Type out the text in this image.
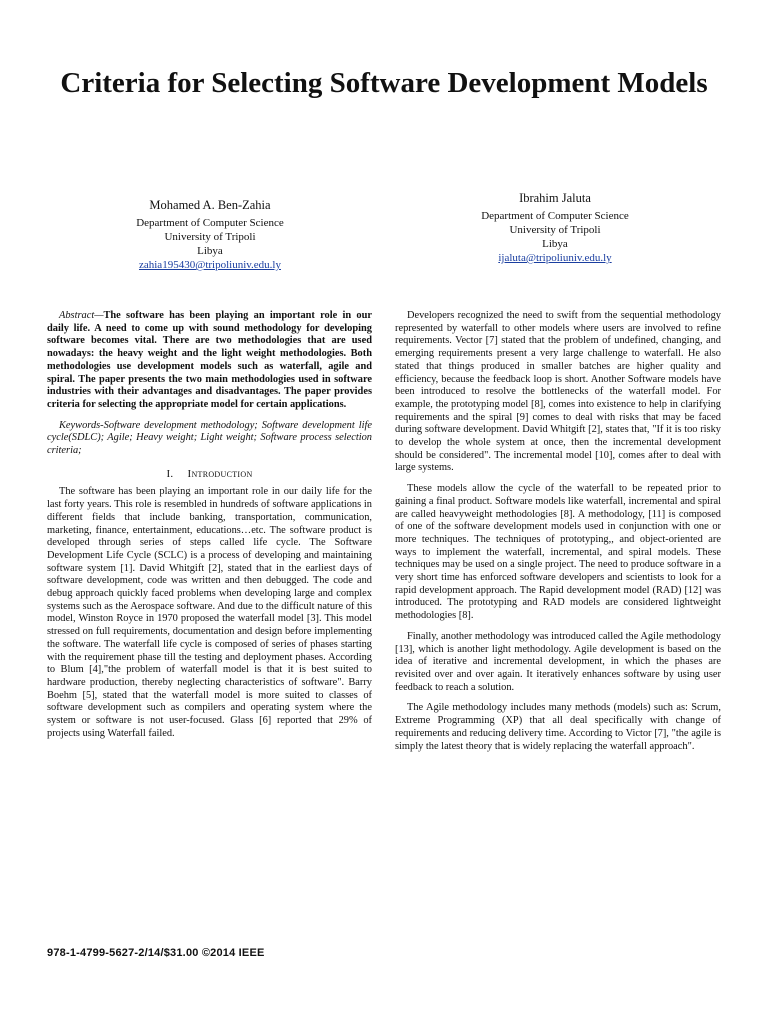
Criteria for Selecting Software Development Models
Mohamed A. Ben-Zahia
Department of Computer Science
University of Tripoli
Libya
zahia195430@tripoliuniv.edu.ly
Ibrahim Jaluta
Department of Computer Science
University of Tripoli
Libya
ijaluta@tripoliuniv.edu.ly

Abstract—The software has been playing an important role in our daily life. A need to come up with sound methodology for developing software becomes vital. There are two methodologies that are used nowadays: the heavy weight and the light weight methodologies. Both methodologies use development models such as waterfall, agile and spiral. The paper presents the two main methodologies used in software industries with their advantages and disadvantages. The paper provides criteria for selecting the appropriate model for certain applications.

Keywords-Software development methodology; Software development life cycle(SDLC); Agile; Heavy weight; Light weight; Software process selection criteria;

I. Introduction

The software has been playing an important role in our daily life for the last forty years. This role is resembled in hundreds of software applications in different fields that include banking, transportation, communication, marketing, finance, entertainment, educations…etc. The software product is developed through series of steps called life cycle. The Software Development Life Cycle (SCLC) is a process of developing and maintaining software system [1]. David Whitgift [2], stated that in the earliest days of software development, code was written and then debugged. The code and debug approach quickly faced problems when developing large and complex systems such as the Aerospace software. And due to the difficult nature of this model, Winston Royce in 1970 proposed the waterfall model [3]. This model stressed on full requirements, documentation and design before implementing the software. The waterfall life cycle is composed of series of phases starting with the requirement phase till the testing and deployment phases. According to Blum [4],"the problem of waterfall model is that it is best suited to hardware production, thereby neglecting characteristics of software". Barry Boehm [5], stated that the waterfall model is more suited to classes of software development such as compilers and operating system where the system or software is not user-focused. Glass [6] reported that 29% of projects using Waterfall failed.

Developers recognized the need to swift from the sequential methodology represented by waterfall to other models where users are involved to refine requirements. Vector [7] stated that the problem of undefined, changing, and emerging requirements present a very large challenge to waterfall. He also stated that things produced in smaller batches are higher quality and efficiency, because the feedback loop is short. Another Software models have been introduced to resolve the bottlenecks of the waterfall model. For example, the prototyping model [8], comes into existence to help in clarifying requirements and the spiral [9] comes to deal with risks that may be faced during software development. David Whitgift [2], states that, "If it is too risky to develop the whole system at once, then the incremental development should be considered". The incremental model [10], comes after to deal with large systems.

These models allow the cycle of the waterfall to be repeated prior to gaining a final product. Software models like waterfall, incremental and spiral are called heavyweight methodologies [8]. A methodology, [11] is composed of one of the software development models used in conjunction with one or more techniques. The techniques of prototyping,, and object-oriented are ways to implement the waterfall, incremental, and spiral models. These techniques may be used on a single project. The need to produce software in a very short time has enforced software developers and scientists to look for a rapid development approach. The Rapid development model (RAD) [12] was introduced. The prototyping and RAD models are considered lightweight methodologies [8].

Finally, another methodology was introduced called the Agile methodology [13], which is another light methodology. Agile development is based on the idea of iterative and incremental development, in which the phases are revisited over and over again. It iteratively enhances software by using user feedback to reach a solution.

The Agile methodology includes many methods (models) such as: Scrum, Extreme Programming (XP) that all deal specifically with change of requirements and reducing delivery time. According to Victor [7], "the agile is simply the latest theory that is widely replacing the waterfall approach".

978-1-4799-5627-2/14/$31.00 ©2014 IEEE
